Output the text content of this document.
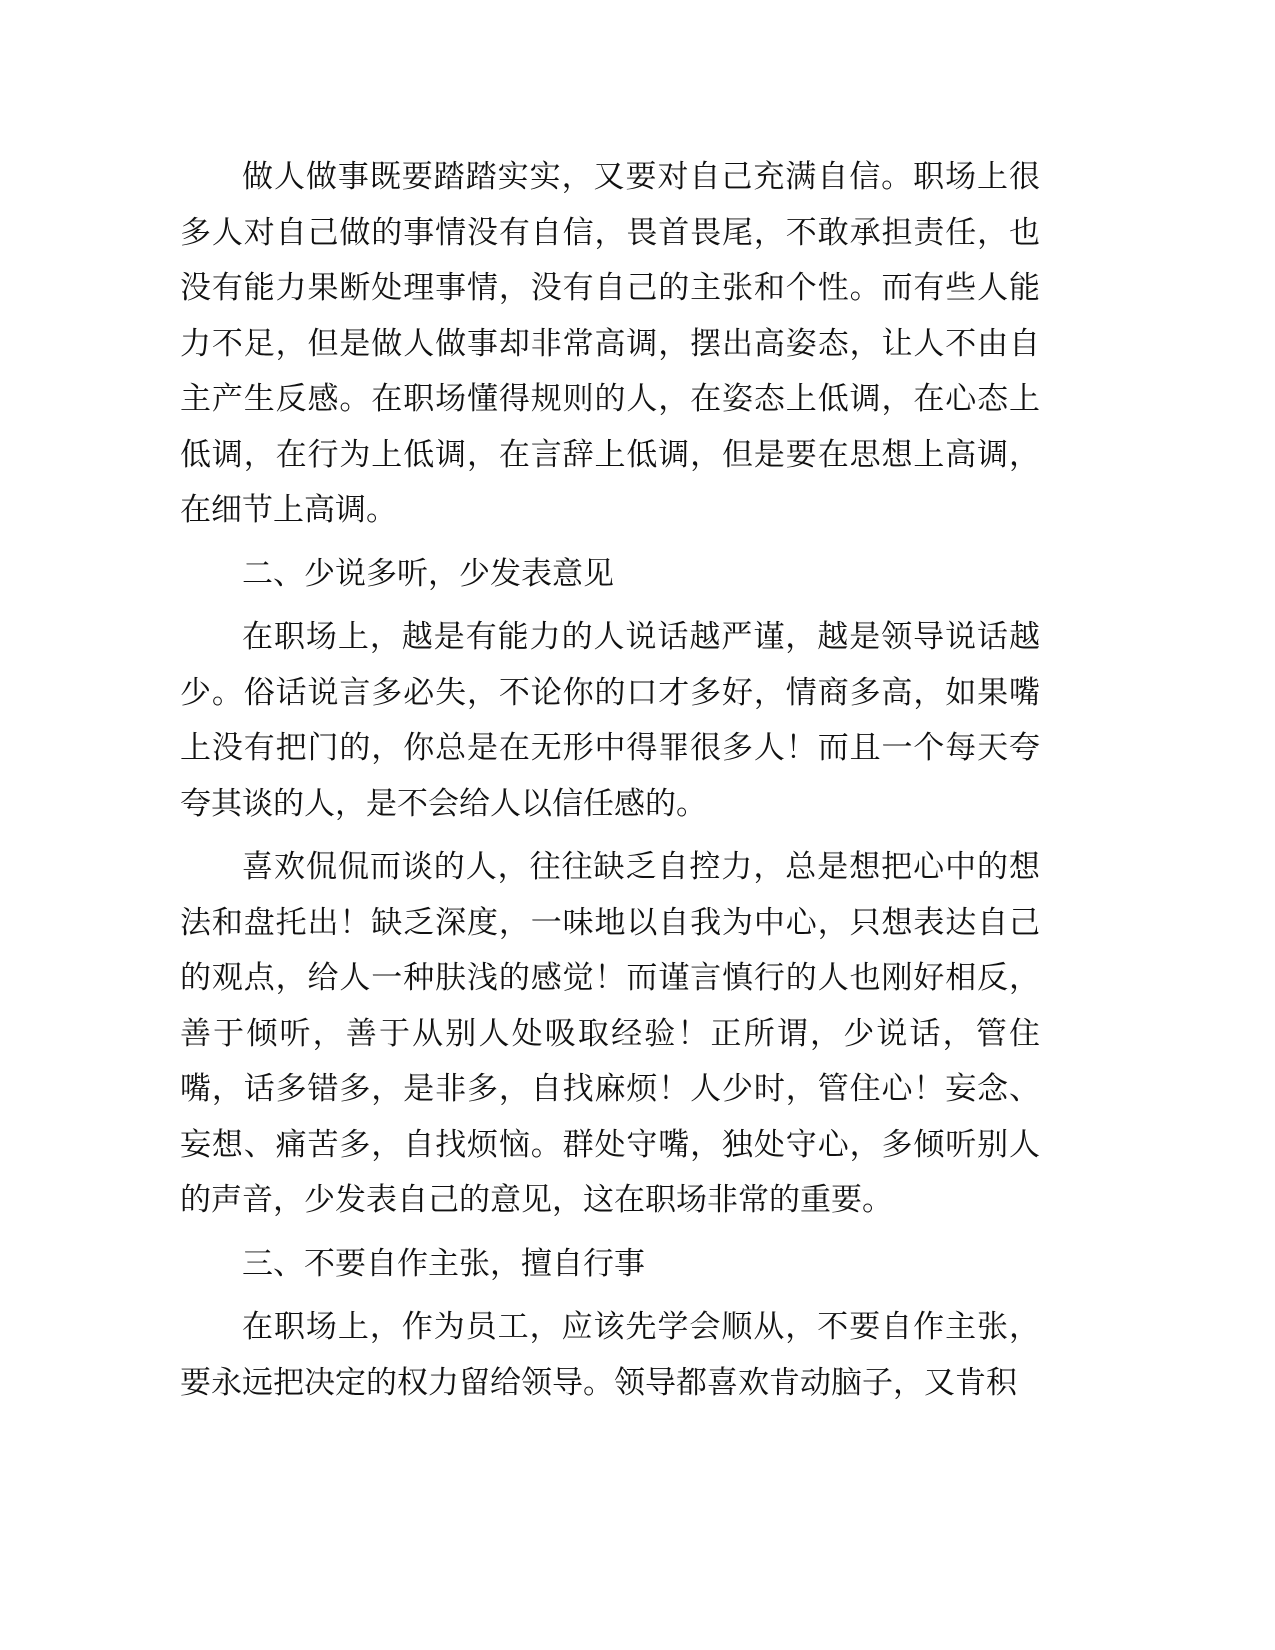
做人做事既要踏踏实实，又要对自己充满自信。职场上很多人对自己做的事情没有自信，畏首畏尾，不敢承担责任，也没有能力果断处理事情，没有自己的主张和个性。而有些人能力不足，但是做人做事却非常高调，摆出高姿态，让人不由自主产生反感。在职场懂得规则的人，在姿态上低调，在心态上低调，在行为上低调，在言辞上低调，但是要在思想上高调，在细节上高调。

二、少说多听，少发表意见

在职场上，越是有能力的人说话越严谨，越是领导说话越少。俗话说言多必失，不论你的口才多好，情商多高，如果嘴上没有把门的，你总是在无形中得罪很多人！而且一个每天夸夸其谈的人，是不会给人以信任感的。

喜欢侃侃而谈的人，往往缺乏自控力，总是想把心中的想法和盘托出！缺乏深度，一味地以自我为中心，只想表达自己的观点，给人一种肤浅的感觉！而谨言慎行的人也刚好相反，善于倾听，善于从别人处吸取经验！正所谓，少说话，管住嘴，话多错多，是非多，自找麻烦！人少时，管住心！妄念、妄想、痛苦多，自找烦恼。群处守嘴，独处守心，多倾听别人的声音，少发表自己的意见，这在职场非常的重要。

三、不要自作主张，擅自行事

在职场上，作为员工，应该先学会顺从，不要自作主张，要永远把决定的权力留给领导。领导都喜欢肯动脑子，又肯积
